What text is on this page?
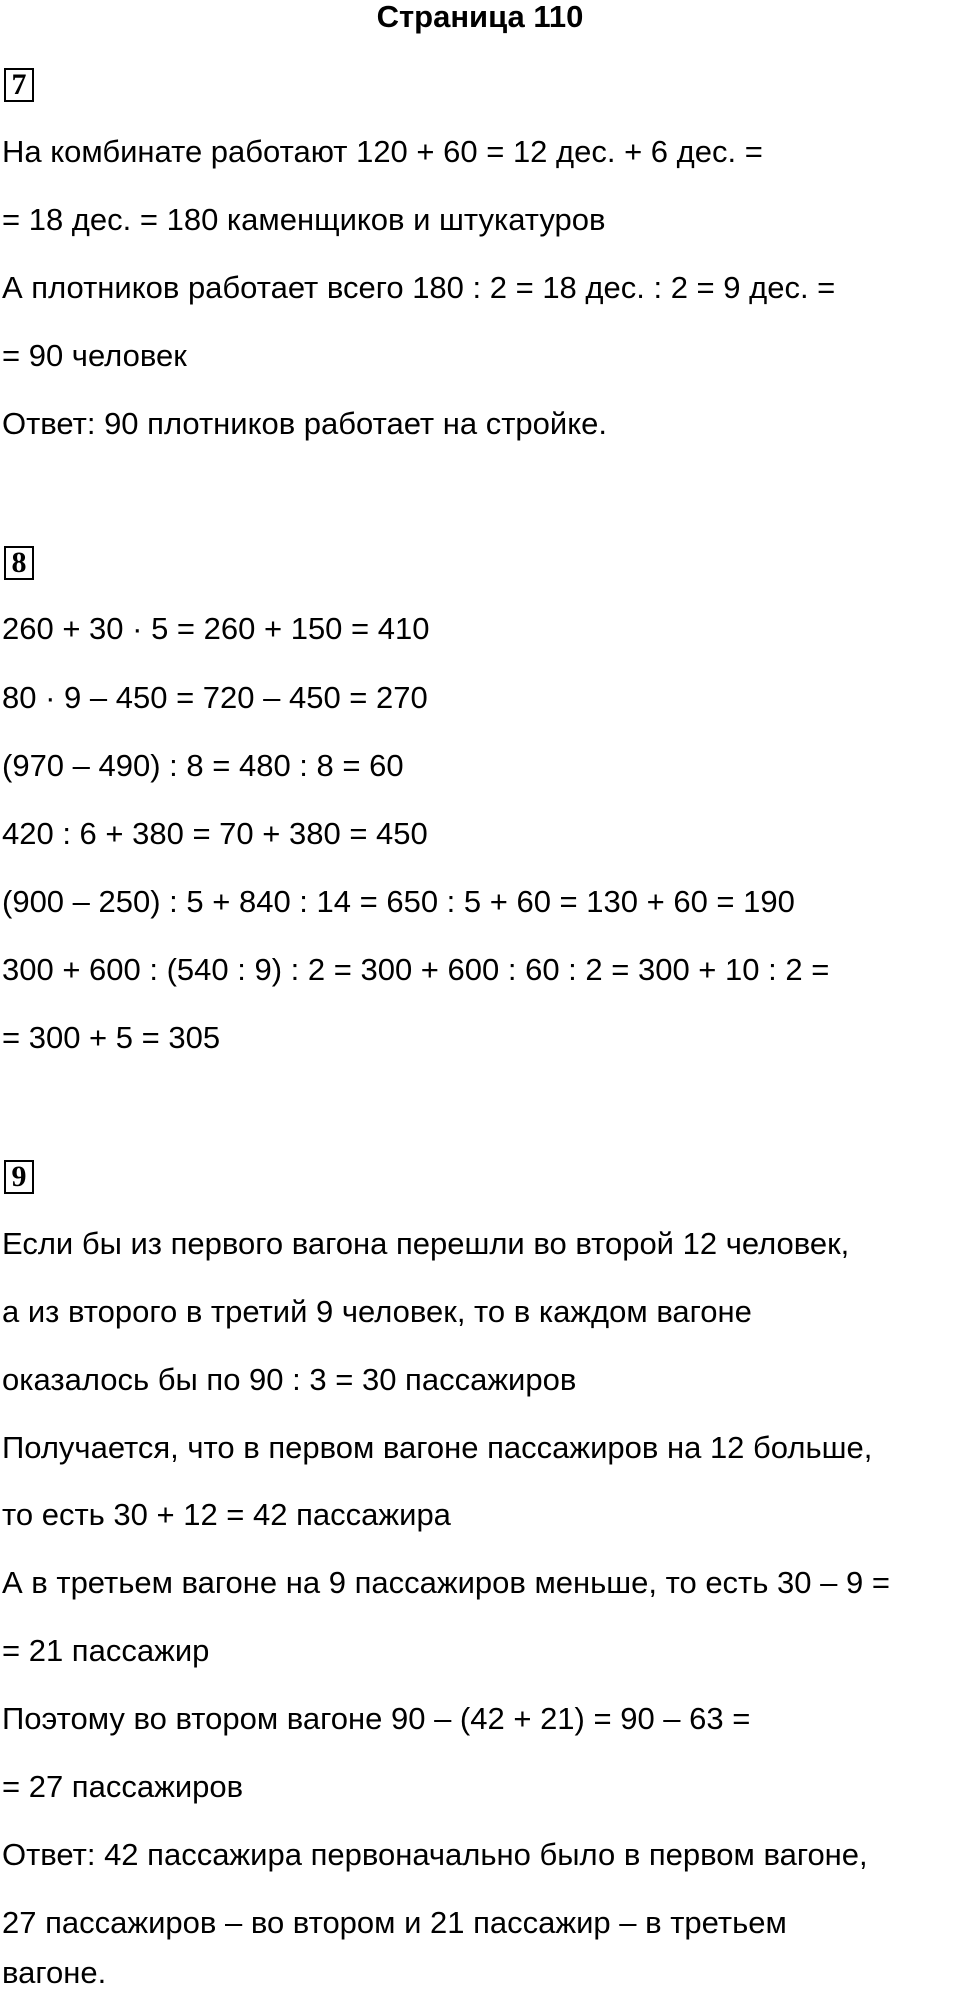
Страница 110
7
На комбинате работают 120 + 60 = 12 дес. + 6 дес. =
= 18 дес. = 180 каменщиков и штукатуров
А плотников работает всего 180 : 2 = 18 дес. : 2 = 9 дес. =
= 90 человек
Ответ: 90 плотников работает на стройке.
8
260 + 30 · 5 = 260 + 150 = 410
80 · 9 – 450 = 720 – 450 = 270
(970 – 490) : 8 = 480 : 8 = 60
420 : 6 + 380 = 70 + 380 = 450
(900 – 250) : 5 + 840 : 14 = 650 : 5 + 60 = 130 + 60 = 190
300 + 600 : (540 : 9) : 2 = 300 + 600 : 60 : 2 = 300 + 10 : 2 =
= 300 + 5 = 305
9
Если бы из первого вагона перешли во второй 12 человек,
а из второго в третий 9 человек, то в каждом вагоне
оказалось бы по 90 : 3 = 30 пассажиров
Получается, что в первом вагоне пассажиров на 12 больше,
то есть 30 + 12 = 42 пассажира
А в третьем вагоне на 9 пассажиров меньше, то есть 30 – 9 =
= 21 пассажир
Поэтому во втором вагоне 90 – (42 + 21) = 90 – 63 =
= 27 пассажиров
Ответ: 42 пассажира первоначально было в первом вагоне,
27 пассажиров – во втором и 21 пассажир – в третьем
вагоне.
